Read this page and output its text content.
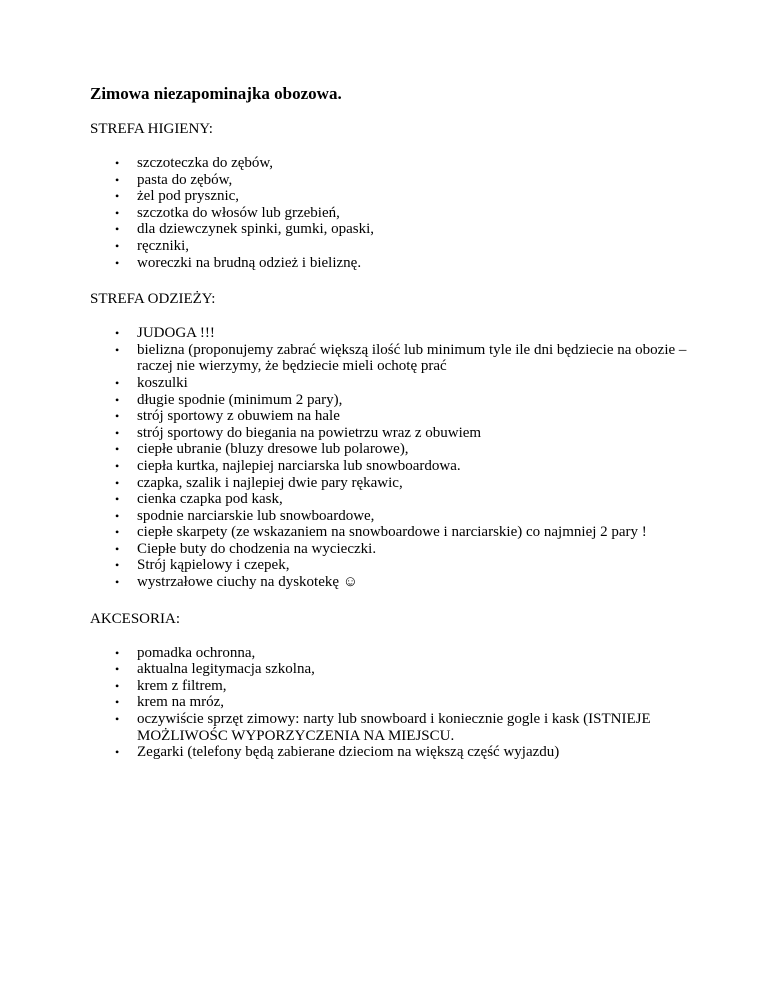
Zimowa niezapominajka obozowa.
STREFA HIGIENY:
• szczoteczka do zębów,
• pasta do zębów,
• żel pod prysznic,
• szczotka do włosów lub grzebień,
• dla dziewczynek spinki, gumki, opaski,
• ręczniki,
• woreczki na brudną odzież i bieliznę.
STREFA ODZIEŻY:
• JUDOGA !!!
• bielizna (proponujemy zabrać większą ilość lub minimum tyle ile dni będziecie na obozie – raczej nie wierzymy, że będziecie mieli ochotę prać
• koszulki
• długie spodnie (minimum 2 pary),
• strój sportowy z obuwiem na hale
• strój sportowy do biegania na powietrzu wraz z obuwiem
• ciepłe ubranie (bluzy dresowe lub polarowe),
• ciepła kurtka, najlepiej narciarska lub snowboardowa.
• czapka, szalik i najlepiej dwie pary rękawic,
• cienka czapka pod kask,
• spodnie narciarskie lub snowboardowe,
• ciepłe skarpety (ze wskazaniem na snowboardowe i narciarskie) co najmniej 2 pary !
• Ciepłe buty do chodzenia na wycieczki.
• Strój kąpielowy i czepek,
• wystrzałowe ciuchy na dyskotekę ☺
AKCESORIA:
• pomadka ochronna,
• aktualna legitymacja szkolna,
• krem z filtrem,
• krem na mróz,
• oczywiście sprzęt zimowy: narty lub snowboard i koniecznie gogle i kask (ISTNIEJE MOŻLIWOŚC WYPORZYCZENIA NA MIEJSCU.
• Zegarki (telefony będą zabierane dzieciom na większą część wyjazdu)
